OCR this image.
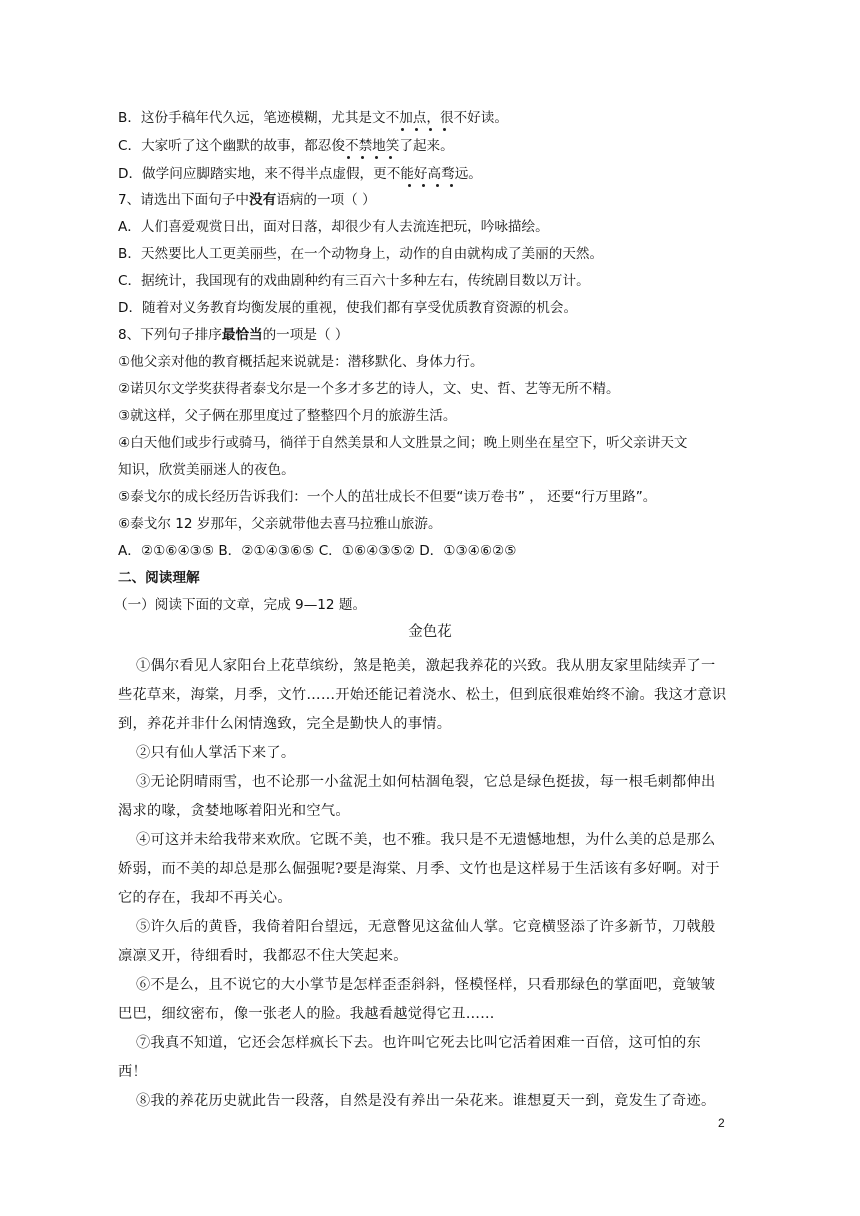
B．这份手稿年代久远，笔迹模糊，尤其是文不加点，很不好读。
C．大家听了这个幽默的故事，都忍俊不禁地笑了起来。
D．做学问应脚踏实地，来不得半点虚假，更不能好高骛远。
7、请选出下面句子中没有语病的一项（ ）
A．人们喜爱观赏日出，面对日落，却很少有人去流连把玩，吟咏描绘。
B．天然要比人工更美丽些，在一个动物身上，动作的自由就构成了美丽的天然。
C．据统计，我国现有的戏曲剧种约有三百六十多种左右，传统剧目数以万计。
D．随着对义务教育均衡发展的重视，使我们都有享受优质教育资源的机会。
8、下列句子排序最恰当的一项是（ ）
①他父亲对他的教育概括起来说就是：潜移默化、身体力行。
②诺贝尔文学奖获得者泰戈尔是一个多才多艺的诗人，文、史、哲、艺等无所不精。
③就这样，父子俩在那里度过了整整四个月的旅游生活。
④白天他们或步行或骑马，徜徉于自然美景和人文胜景之间；晚上则坐在星空下，听父亲讲天文
知识，欣赏美丽迷人的夜色。
⑤泰戈尔的成长经历告诉我们：一个人的茁壮成长不但要“读万卷书” ， 还要“行万里路”。
⑥泰戈尔 12 岁那年，父亲就带他去喜马拉雅山旅游。
A．②①⑥④③⑤ B．②①④③⑥⑤ C．①⑥④③⑤② D．①③④⑥②⑤
二、阅读理解
（一）阅读下面的文章，完成 9—12 题。
金色花
①偶尔看见人家阳台上花草缤纷，煞是艳美，激起我养花的兴致。我从朋友家里陆续弄了一
些花草来，海棠，月季，文竹……开始还能记着浇水、松土，但到底很难始终不渝。我这才意识
到，养花并非什么闲情逸致，完全是勤快人的事情。
②只有仙人掌活下来了。
③无论阴晴雨雪，也不论那一小盆泥土如何枯涸龟裂，它总是绿色挺拔，每一根毛刺都伸出
渴求的喙，贪婪地啄着阳光和空气。
④可这并未给我带来欢欣。它既不美，也不雅。我只是不无遗憾地想，为什么美的总是那么
娇弱，而不美的却总是那么倔强呢?要是海棠、月季、文竹也是这样易于生活该有多好啊。对于
它的存在，我却不再关心。
⑤许久后的黄昏，我倚着阳台望远，无意瞥见这盆仙人掌。它竟横竖添了许多新节，刀戟般
凛凛叉开，待细看时，我都忍不住大笑起来。
⑥不是么，且不说它的大小掌节是怎样歪歪斜斜，怪模怪样，只看那绿色的掌面吧，竟皱皱
巴巴，细纹密布，像一张老人的脸。我越看越觉得它丑…...
⑦我真不知道，它还会怎样疯长下去。也许叫它死去比叫它活着困难一百倍，这可怕的东
西！
⑧我的养花历史就此告一段落，自然是没有养出一朵花来。谁想夏天一到，竟发生了奇迹。
2
